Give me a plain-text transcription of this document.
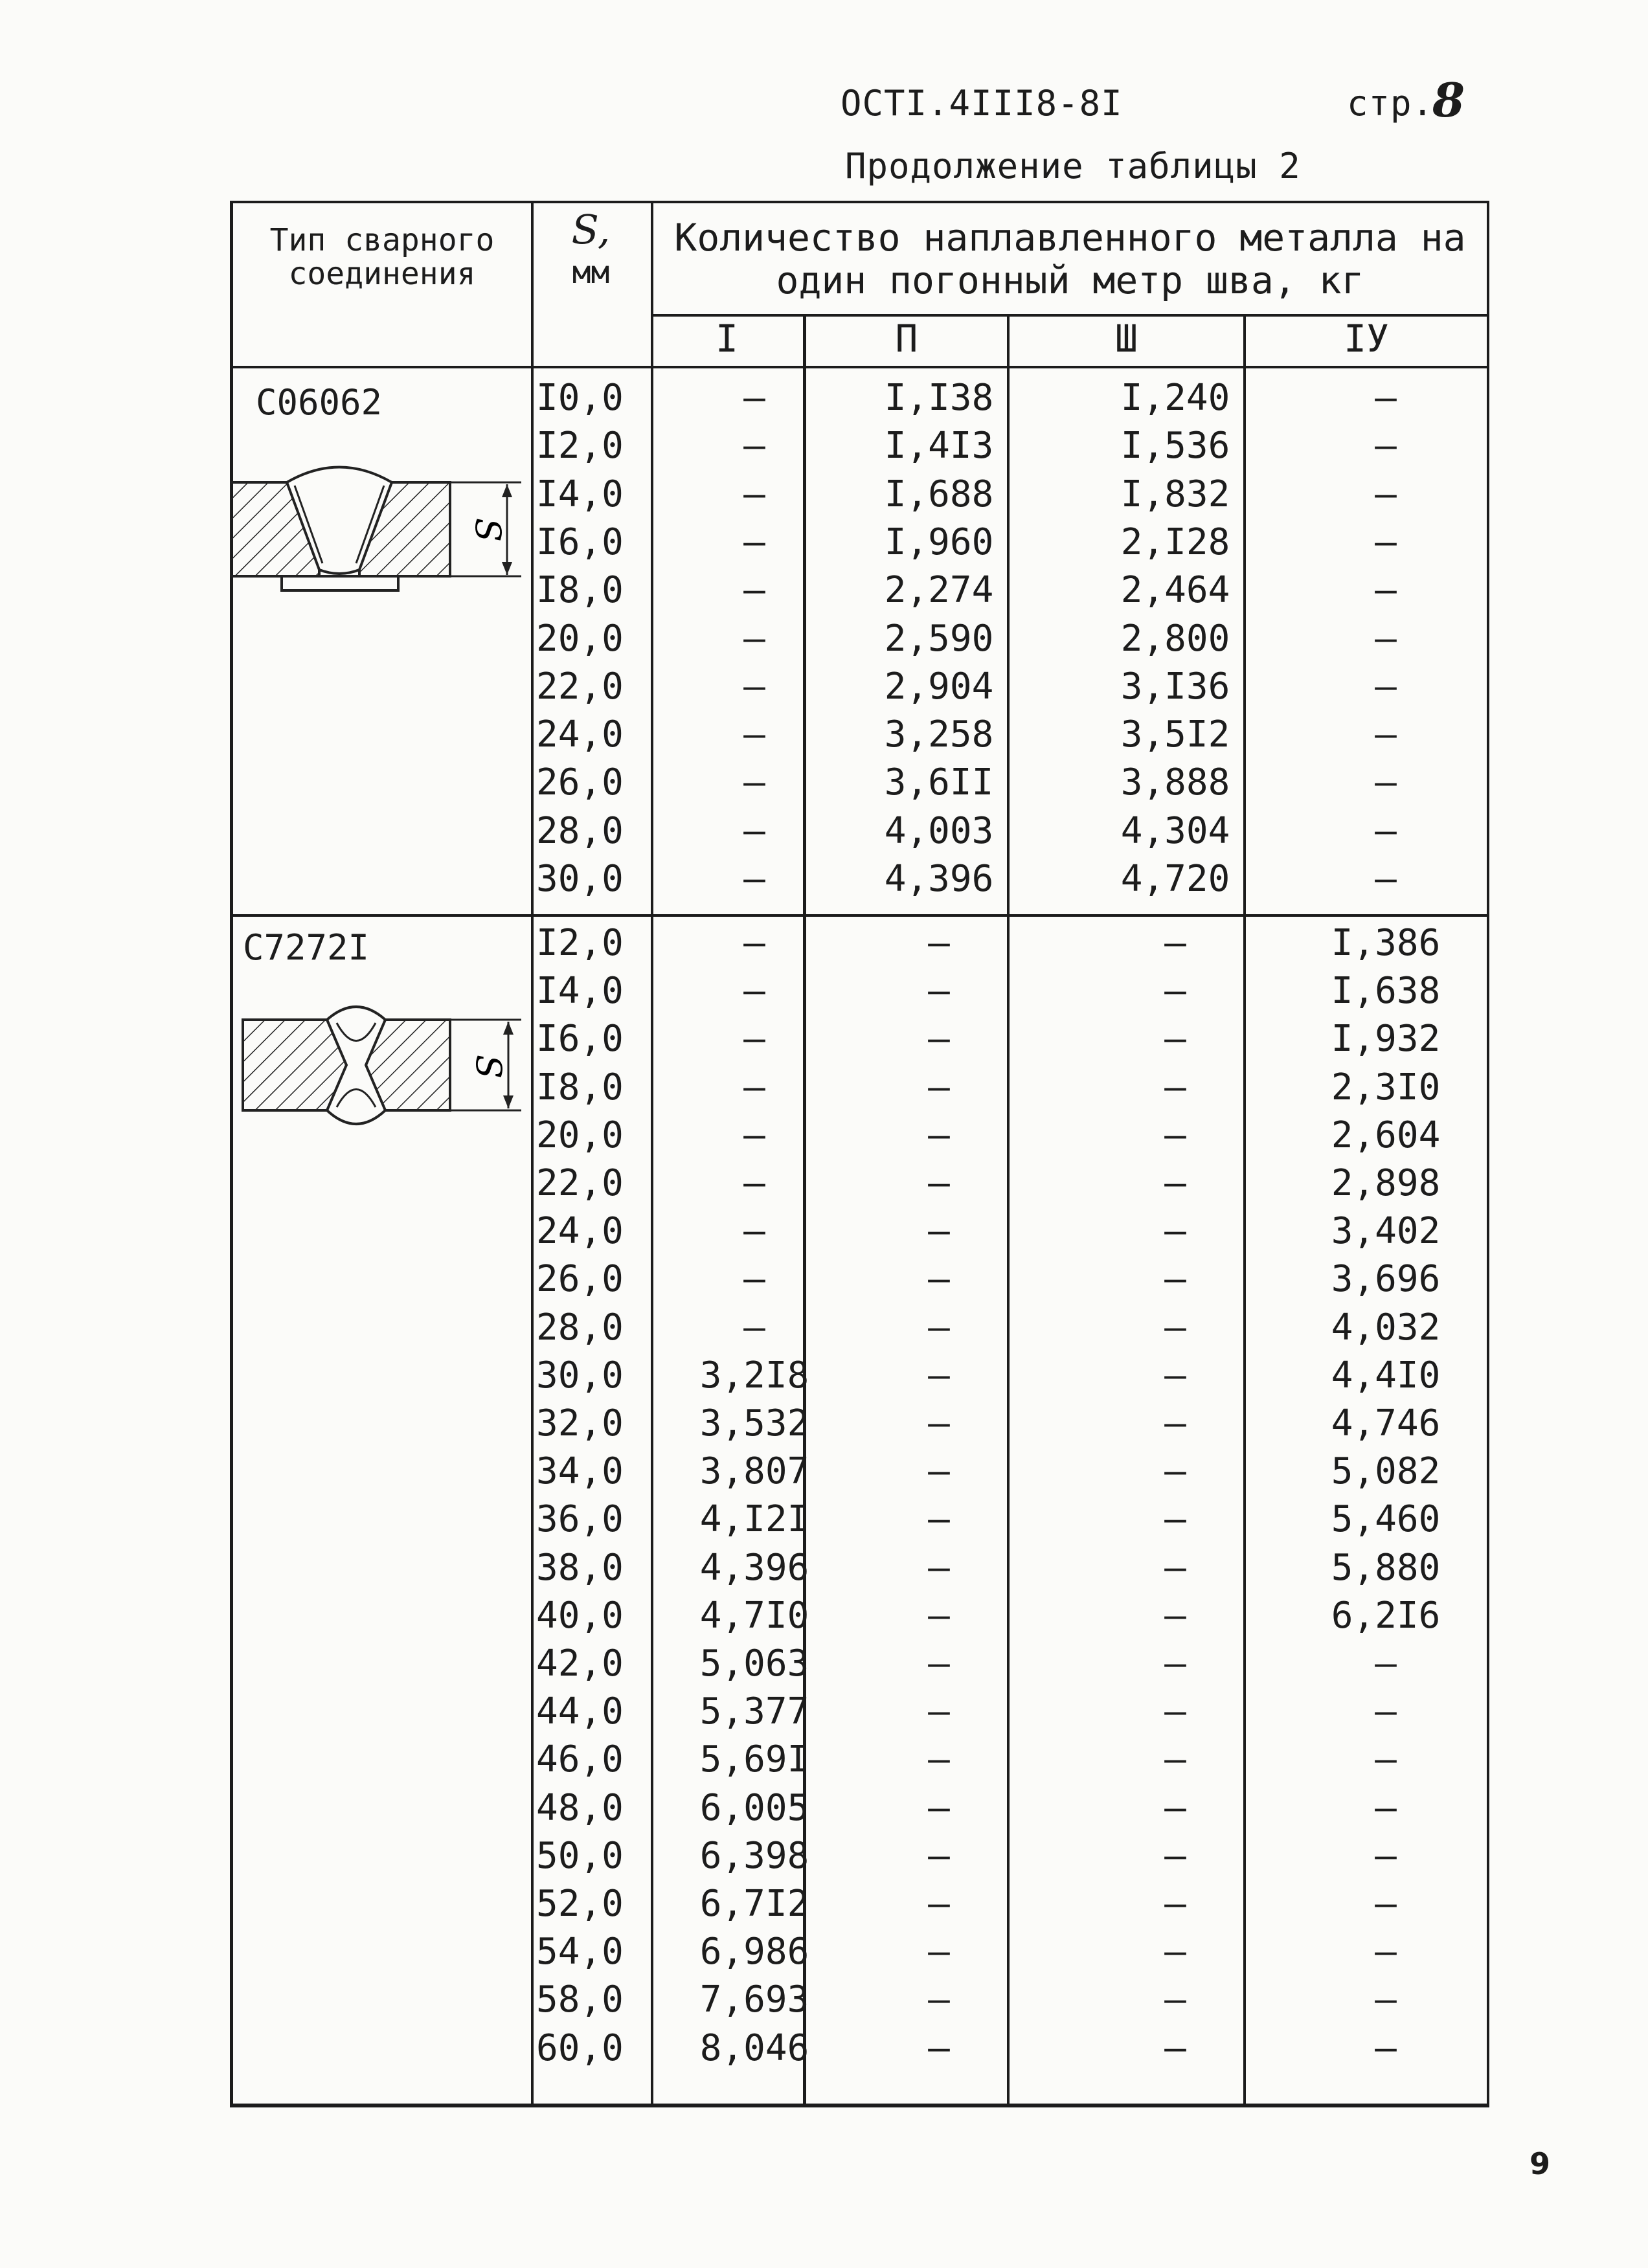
ОСТI.4III8-8I	стр.
8
Продолжение таблицы 2
9
Тип сварного
соединения
S,
мм
Количество наплавленного металла на
один погонный метр шва, кг
I	П	Ш	IУ
С06062
С7272I
S
S
I0,0	–	I,I38	I,240	–
I2,0	–	I,4I3	I,536	–
I4,0	–	I,688	I,832	–
I6,0	–	I,960	2,I28	–
I8,0	–	2,274	2,464	–
20,0	–	2,590	2,800	–
22,0	–	2,904	3,I36	–
24,0	–	3,258	3,5I2	–
26,0	–	3,6II	3,888	–
28,0	–	4,003	4,304	–
30,0	–	4,396	4,720	–
I2,0	–	–	–	I,386
I4,0	–	–	–	I,638
I6,0	–	–	–	I,932
I8,0	–	–	–	2,3I0
20,0	–	–	–	2,604
22,0	–	–	–	2,898
24,0	–	–	–	3,402
26,0	–	–	–	3,696
28,0	–	–	–	4,032
30,0	3,2I8	–	–	4,4I0
32,0	3,532	–	–	4,746
34,0	3,807	–	–	5,082
36,0	4,I2I	–	–	5,460
38,0	4,396	–	–	5,880
40,0	4,7I0	–	–	6,2I6
42,0	5,063	–	–	–
44,0	5,377	–	–	–
46,0	5,69I	–	–	–
48,0	6,005	–	–	–
50,0	6,398	–	–	–
52,0	6,7I2	–	–	–
54,0	6,986	–	–	–
58,0	7,693	–	–	–
60,0	8,046	–	–	–
